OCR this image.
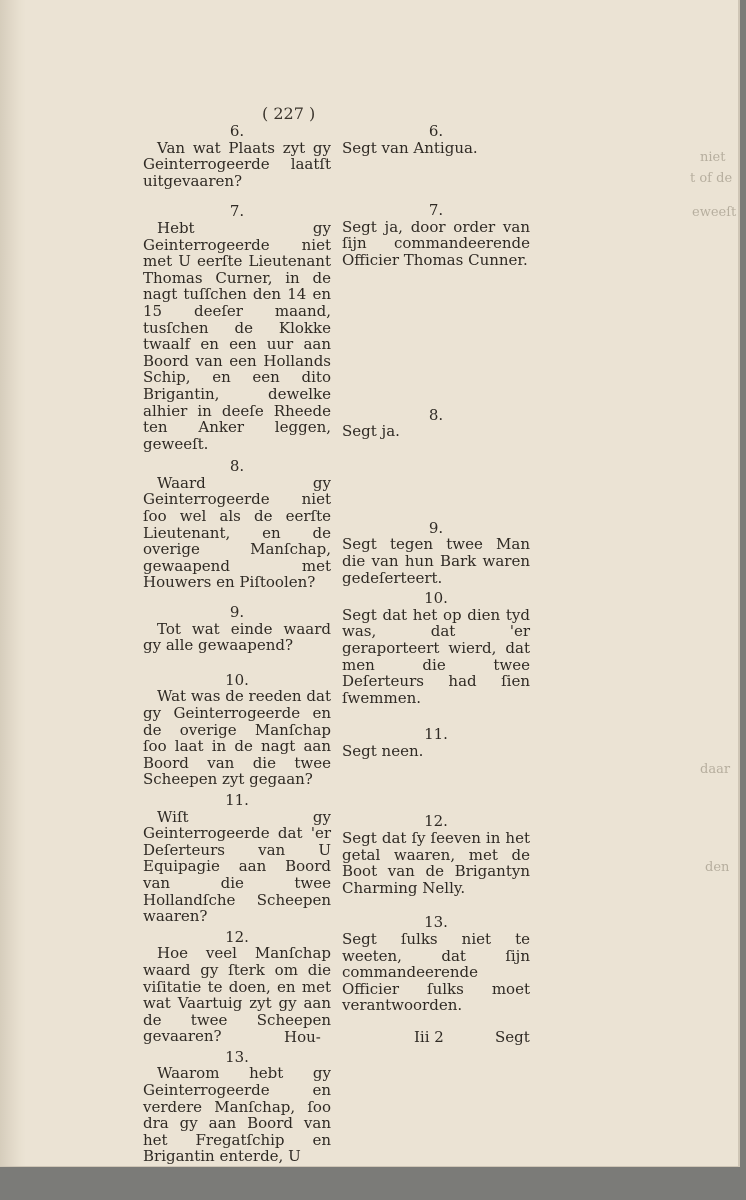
niet
t of de
eweeſt
daar
den
( 227 )

6.

Van wat Plaats zyt gy Geinterrogeerde laatſt uitgevaaren?

7.

Hebt gy Geinterrogeerde niet met U eerſte Lieutenant Thomas Curner, in de nagt tuſſchen den 14 en 15 deeſer maand, tusſchen de Klokke twaalf en een uur aan Boord van een Hollands Schip, en een dito Brigantin, dewelke alhier in deeſe Rheede ten Anker leggen, geweeſt.

8.

Waard gy Geinterrogeerde niet ſoo wel als de eerſte Lieutenant, en de overige Manſchap, gewaapend met Houwers en Piſtoolen?

9.

Tot wat einde waard gy alle gewaapend?

10.

Wat was de reeden dat gy Geinterrogeerde en de overige Manſchap ſoo laat in de nagt aan Boord van die twee Scheepen zyt gegaan?

11.

Wiſt gy Geinterrogeerde dat 'er Deſerteurs van U Equipagie aan Boord van die twee Hollandſche Scheepen waaren?

12.

Hoe veel Manſchap waard gy ſterk om die viſitatie te doen, en met wat Vaartuig zyt gy aan de twee Scheepen gevaaren?

13.

Waarom hebt gy Geinterrogeerde en verdere Manſchap, ſoo dra gy aan Boord van het Fregatſchip en Brigantin enterde, U

6.

Segt van Antigua.

7.

Segt ja, door order van ſijn commandeerende Officier Thomas Cunner.

8.

Segt ja.

9.

Segt tegen twee Man die van hun Bark waren gedeſerteert.

10.

Segt dat het op dien tyd was, dat 'er geraporteert wierd, dat men die twee Deſerteurs had ſien ſwemmen.

11.

Segt neen.

12.

Segt dat ſy ſeeven in het getal waaren, met de Boot van de Brigantyn Charming Nelly.

13.

Segt ſulks niet te weeten, dat ſijn commandeerende Officier ſulks moet verantwoorden.

Hou-	Iii 2	Segt
